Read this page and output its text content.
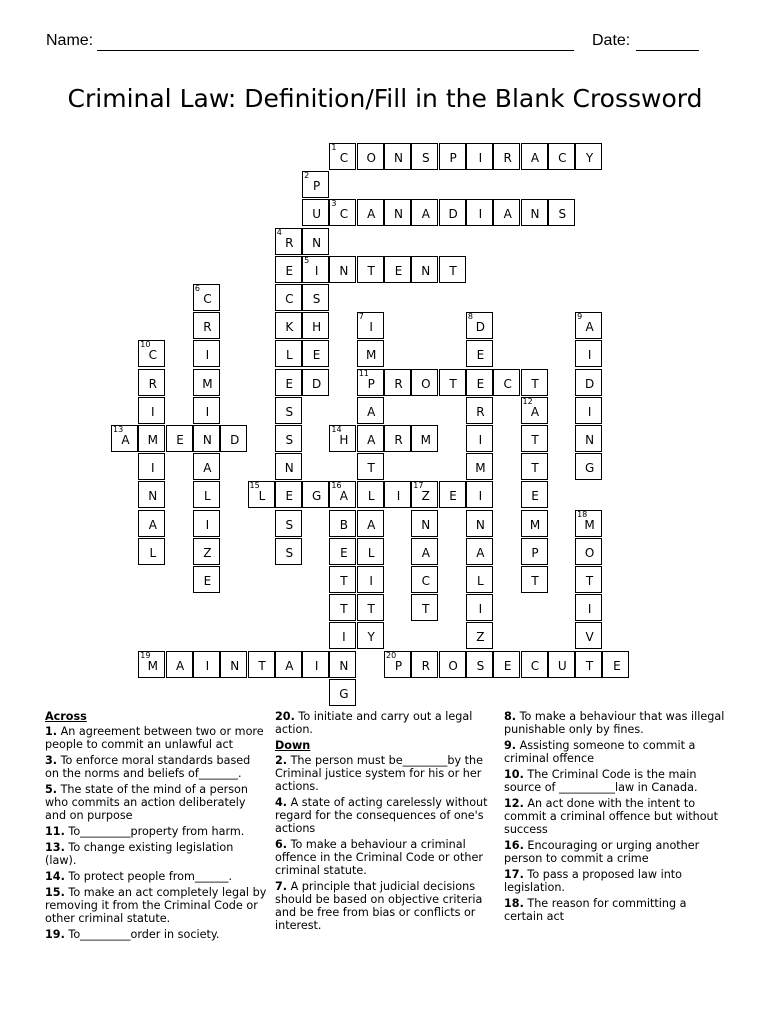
Name:	Date:
Criminal Law: Definition/Fill in the Blank Crossword
1
C	O	N	S	P	I	R	A	C	Y
3
C	A	N	A	D	I	A	N	S
5
I	N	T	E	N	T
11
P	R	O	T	E	C	T
13
A	M	E	N	D
14
H	A	R	M
15
L	E	G
16
A	L	I
17
Z	E
19
M	A	I	N	T	A	I	N
20
P	R	O	S	E	C	U	T	E
2
P
U
N
S
H
E
D
4
R
E
C
K
L
E
S
S
N
S
S
6
C
R
I
M
I
A
L
I
Z
E
7
I
M
A
T
A
L
I
T
Y
8
D
E
R
I
M
I
N
A
L
I
Z
9
A
I
D
I
N
G
10
C
R
I
I
N
A
L
12
A
T
T
E
M
P
T
B
E
T
T
I
G
N
A
C
T
18
M
O
T
I
V
Across
1. An agreement between two or more people to commit an unlawful act
3. To enforce moral standards based on the norms and beliefs of_______.
5. The state of the mind of a person who commits an action deliberately and on purpose
11. To_________property from harm.
13. To change existing legislation (law).
14. To protect people from______.
15. To make an act completely legal by removing it from the Criminal Code or other criminal statute.
19. To_________order in society.
20. To initiate and carry out a legal action.
Down
2. The person must be________by the Criminal justice system for his or her actions.
4. A state of acting carelessly without regard for the consequences of one's actions
6. To make a behaviour a criminal offence in the Criminal Code or other criminal statute.
7. A principle that judicial decisions should be based on objective criteria and be free from bias or conflicts or interest.
8. To make a behaviour that was illegal punishable only by fines.
9. Assisting someone to commit a criminal offence
10. The Criminal Code is the main source of __________law in Canada.
12. An act done with the intent to commit a criminal offence but without success
16. Encouraging or urging another person to commit a crime
17. To pass a proposed law into legislation.
18. The reason for committing a certain act
